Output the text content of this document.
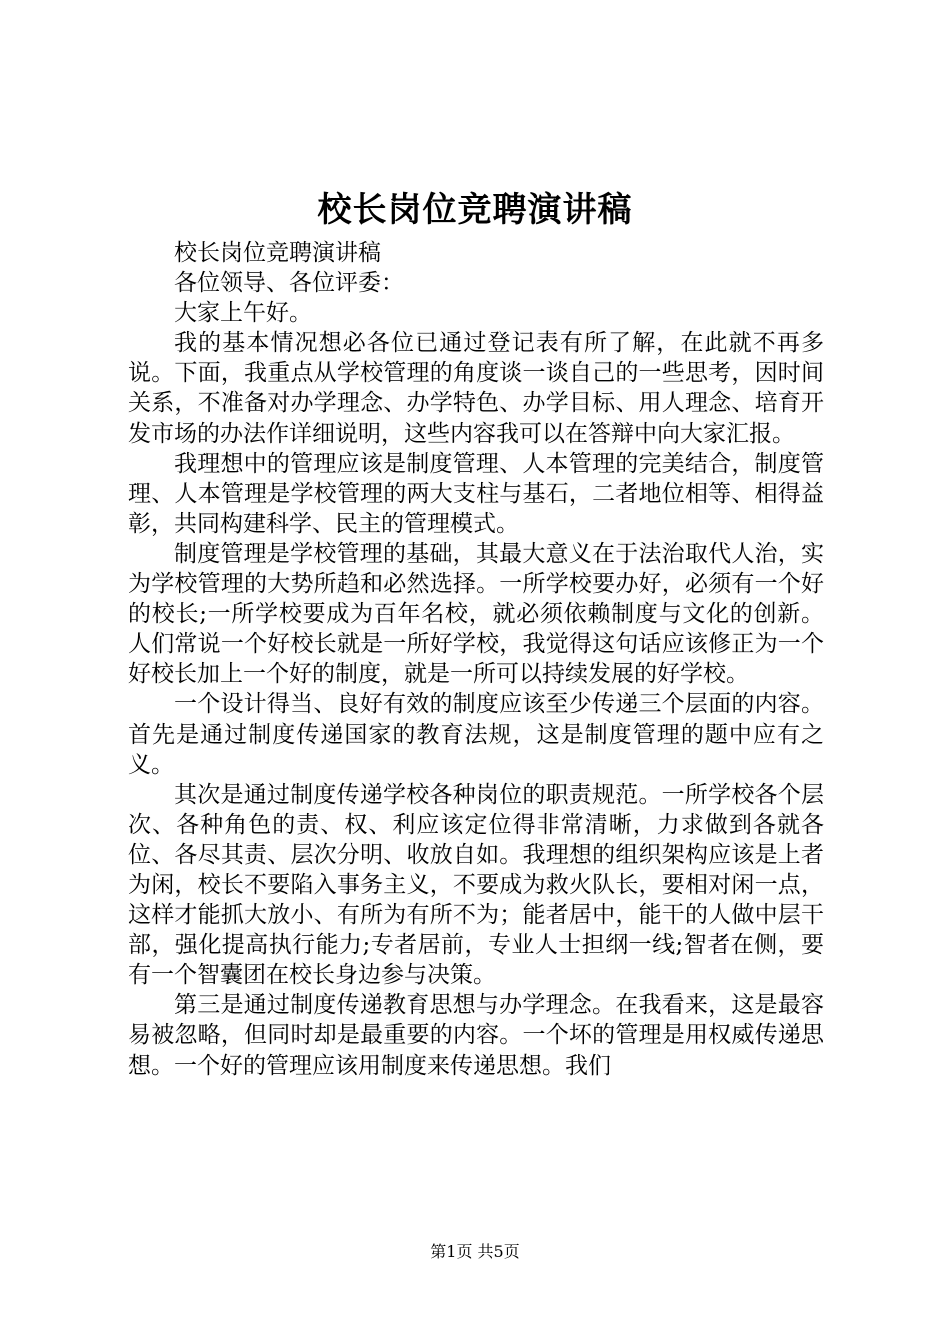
校长岗位竞聘演讲稿

校长岗位竞聘演讲稿

各位领导、各位评委：

大家上午好。

我的基本情况想必各位已通过登记表有所了解，在此就不再多说。下面，我重点从学校管理的角度谈一谈自己的一些思考，因时间关系，不准备对办学理念、办学特色、办学目标、用人理念、培育开发市场的办法作详细说明，这些内容我可以在答辩中向大家汇报。

我理想中的管理应该是制度管理、人本管理的完美结合，制度管理、人本管理是学校管理的两大支柱与基石，二者地位相等、相得益彰，共同构建科学、民主的管理模式。

制度管理是学校管理的基础，其最大意义在于法治取代人治，实为学校管理的大势所趋和必然选择。一所学校要办好，必须有一个好的校长;一所学校要成为百年名校，就必须依赖制度与文化的创新。人们常说一个好校长就是一所好学校，我觉得这句话应该修正为一个好校长加上一个好的制度，就是一所可以持续发展的好学校。

一个设计得当、良好有效的制度应该至少传递三个层面的内容。首先是通过制度传递国家的教育法规，这是制度管理的题中应有之义。

其次是通过制度传递学校各种岗位的职责规范。一所学校各个层次、各种角色的责、权、利应该定位得非常清晰，力求做到各就各位、各尽其责、层次分明、收放自如。我理想的组织架构应该是上者为闲，校长不要陷入事务主义，不要成为救火队长，要相对闲一点，这样才能抓大放小、有所为有所不为；能者居中，能干的人做中层干部，强化提高执行能力;专者居前，专业人士担纲一线;智者在侧，要有一个智囊团在校长身边参与决策。

第三是通过制度传递教育思想与办学理念。在我看来，这是最容易被忽略，但同时却是最重要的内容。一个坏的管理是用权威传递思想。一个好的管理应该用制度来传递思想。我们

第1页 共5页
